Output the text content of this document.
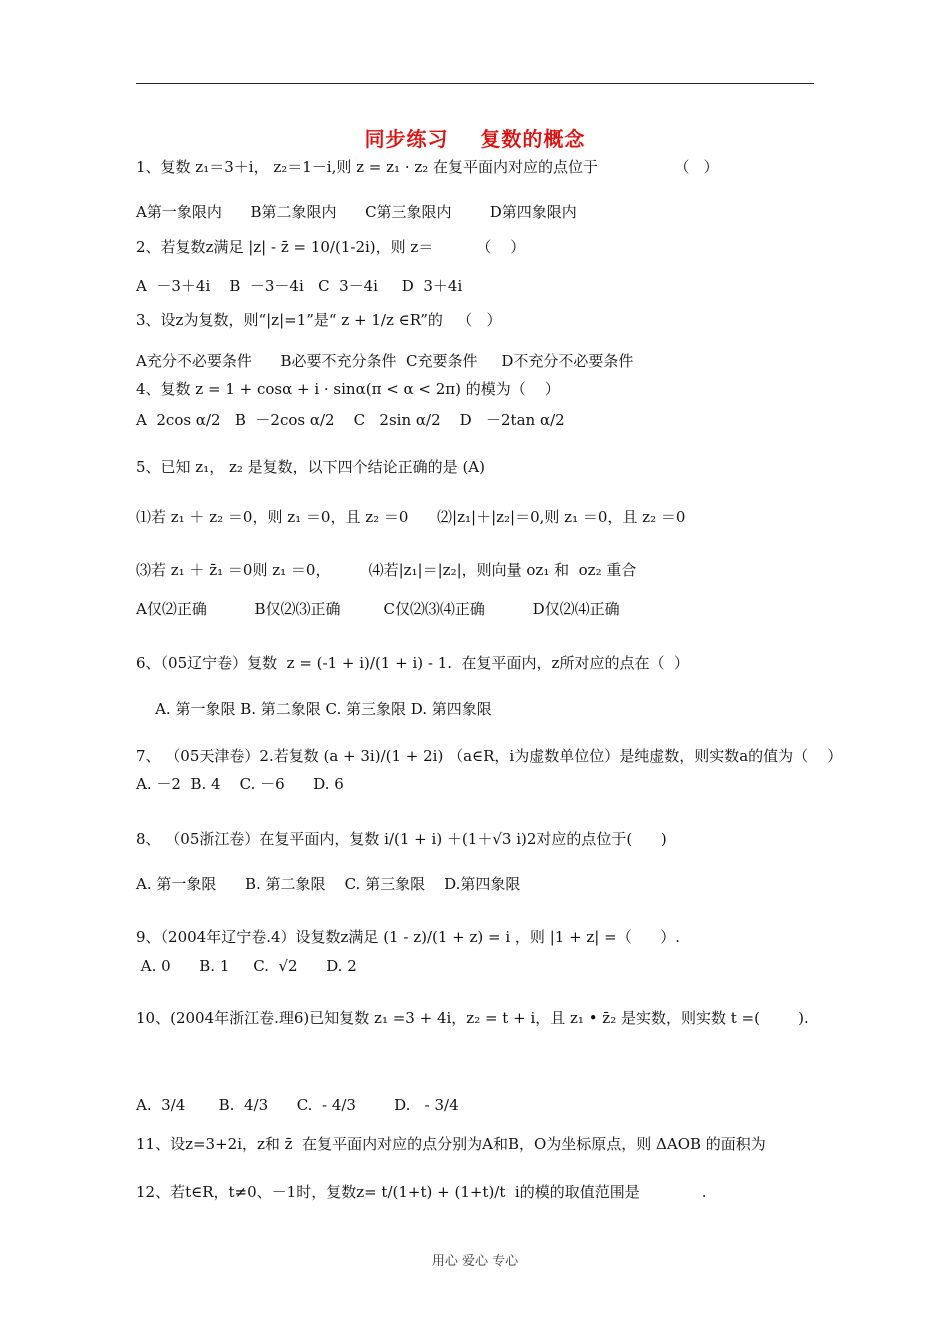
同步练习    复数的概念
1、复数 z₁＝3＋i， z₂＝1－i,则 z = z₁ · z₂ 在复平面内对应的点位于                （   ）
A第一象限内      B第二象限内      C第三象限内        D第四象限内
2、若复数z满足 |z| - z̄ = 10/(1-2i)，则 z＝         （    ）
A  －3＋4i    B  －3－4i   C  3－4i     D  3＋4i
3、设z为复数，则“|z|=1”是“ z + 1/z ∈R”的   （   ）
A充分不必要条件      B必要不充分条件  C充要条件     D不充分不必要条件
4、复数 z = 1 + cosα + i · sinα(π < α < 2π) 的模为（    ）
A  2cos α/2   B  －2cos α/2    C   2sin α/2    D   －2tan α/2
5、已知 z₁， z₂ 是复数，以下四个结论正确的是 (A)
⑴若 z₁ ＋ z₂ ＝0，则 z₁ ＝0，且 z₂ ＝0      ⑵|z₁|＋|z₂|＝0,则 z₁ ＝0，且 z₂ ＝0
⑶若 z₁ ＋ z̄₁ ＝0则 z₁ ＝0，        ⑷若|z₁|＝|z₂|，则向量 oz₁ 和  oz₂ 重合
A仅⑵正确          B仅⑵⑶正确         C仅⑵⑶⑷正确          D仅⑵⑷正确
6、（05辽宁卷）复数  z = (-1 + i)/(1 + i) - 1.  在复平面内，z所对应的点在（  ）
A. 第一象限 B. 第二象限 C. 第三象限 D. 第四象限
7、 （05天津卷）2.若复数 (a + 3i)/(1 + 2i) （a∈R，i为虚数单位位）是纯虚数，则实数a的值为（    ）
A. －2  B. 4    C. －6      D. 6
8、 （05浙江卷）在复平面内，复数 i/(1 + i) ＋(1＋√3 i)2对应的点位于(      )
A. 第一象限      B. 第二象限    C. 第三象限    D.第四象限
9、（2004年辽宁卷.4）设复数z满足 (1 - z)/(1 + z) = i ，则 |1 + z| =（      ）.
A. 0      B. 1     C.  √2      D. 2
10、(2004年浙江卷.理6)已知复数 z₁ =3 + 4i，z₂ = t + i，且 z₁ • z̄₂ 是实数，则实数 t =(        ).
A.  3/4       B.  4/3      C.  - 4/3        D.   - 3/4
11、设z=3+2i，z和 z̄  在复平面内对应的点分别为A和B，O为坐标原点，则 ΔAOB 的面积为
12、若t∈R，t≠0、－1时，复数z= t/(1+t) + (1+t)/t  i的模的取值范围是             .
用心 爱心 专心
